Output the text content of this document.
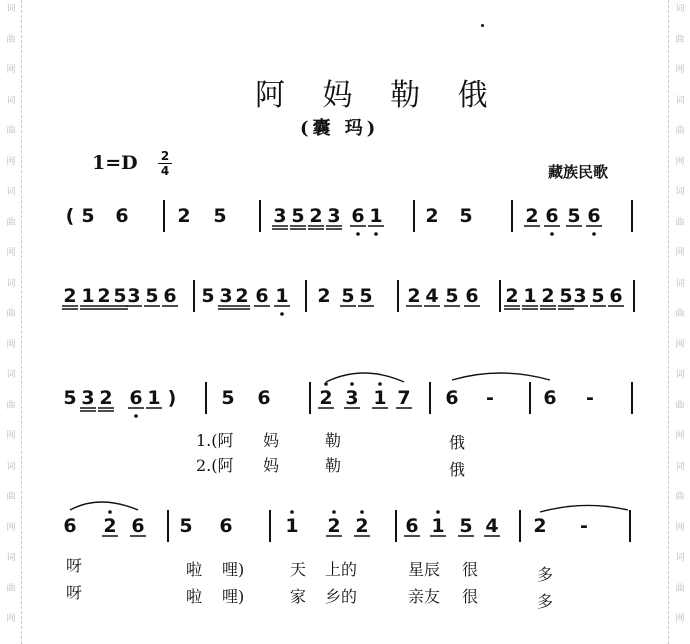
词
曲
网
词
曲
网
词
曲
网
词
曲
网
词
曲
网
词
曲
网
词
曲
网
词
曲
网
词
曲
网
词
曲
网
词
曲
网
词
曲
网
词
曲
网
词
曲
网
阿 妈 勒 俄
(囊 玛)
1=D 2
4	藏族民歌
( 5 6	2 5 3 5 2 3 6 1 2 5	2 6 5 6
2 1 2 5 3 5 6 5 3 2 6 1 2 5 5 2 4 5 6 2 1 2 5 3 5 6
5 3 2 6 1 ) 5 6	2 3 1 7 6 -	6 -
6 2 6 5 6	1 2 2 6 1 5 4 2 -
1.(阿 妈	勒	俄
2.(阿 妈	勒	俄
呀	啦 哩)	天 上的	星辰 很	多
呀	啦 哩)	家 乡的	亲友 很	多
